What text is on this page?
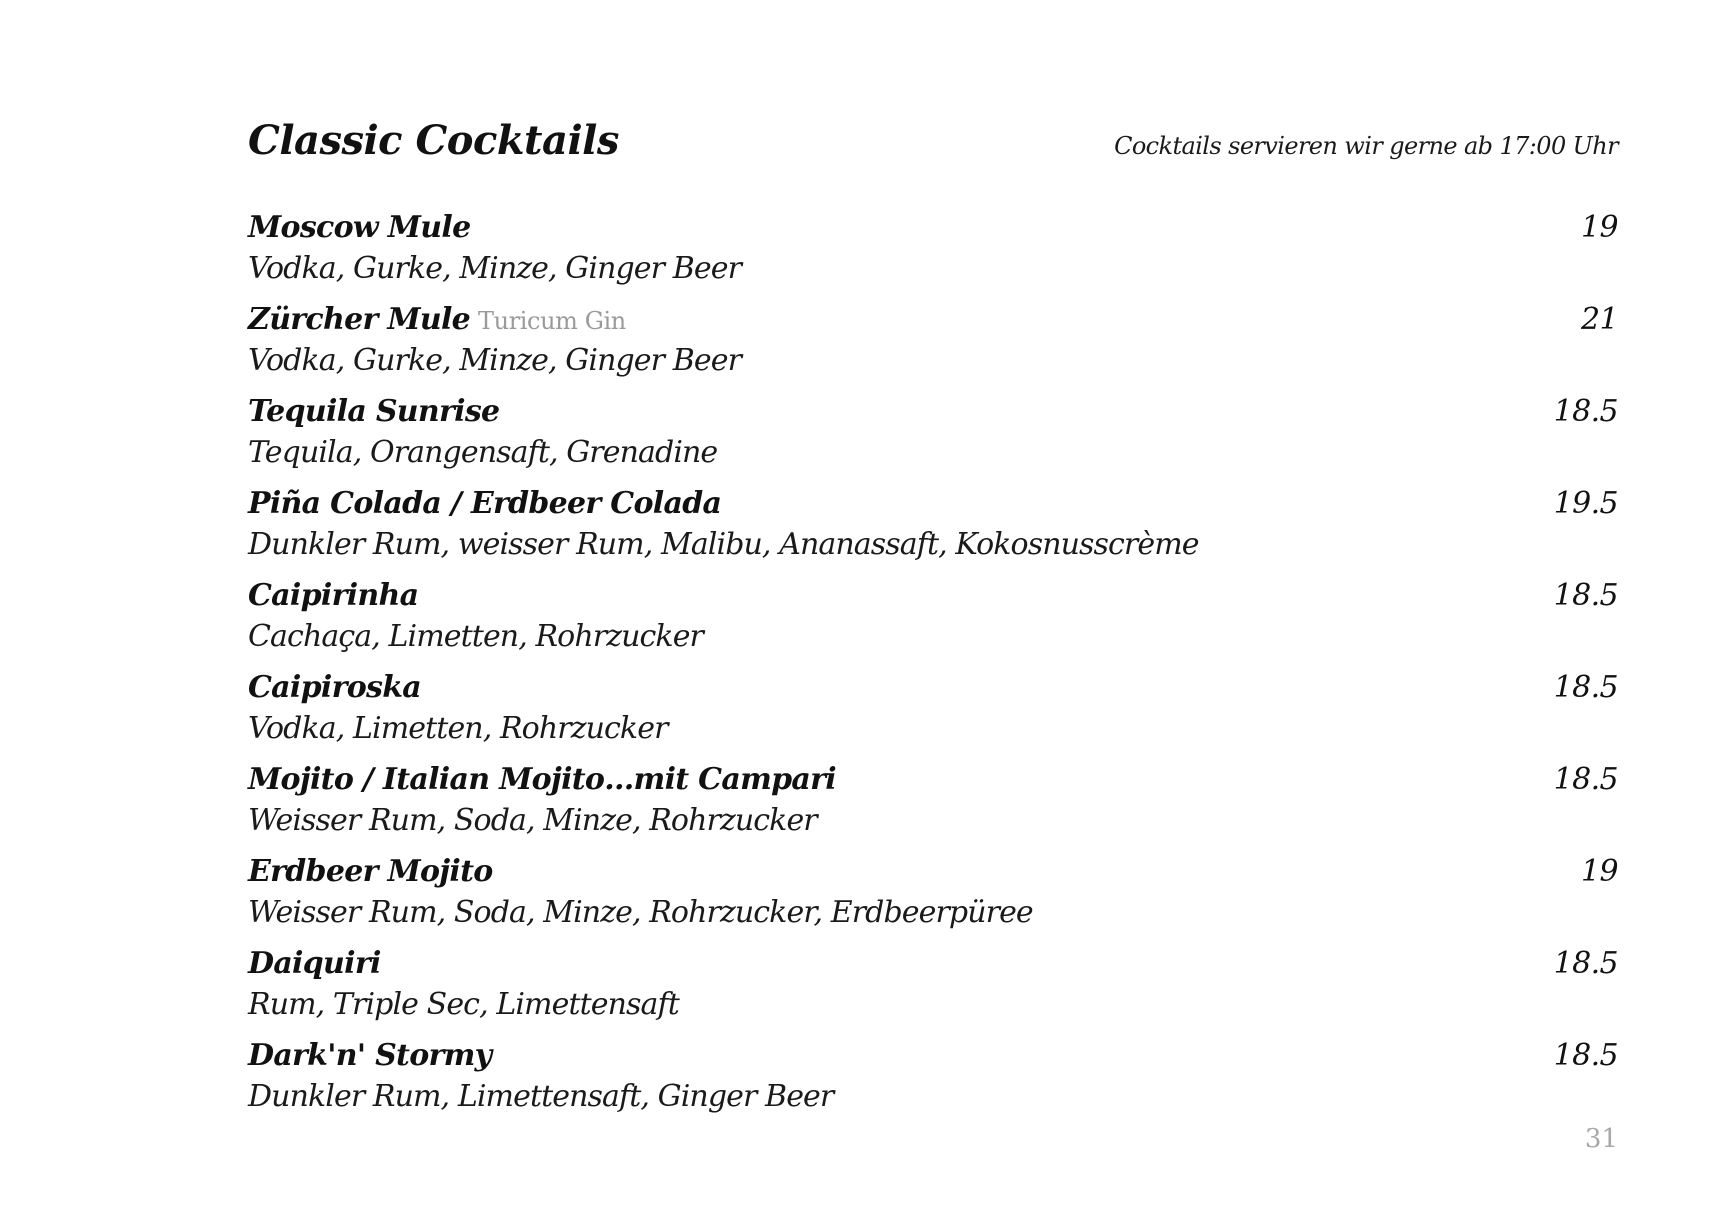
Classic Cocktails	Cocktails servieren wir gerne ab 17:00 Uhr
Moscow Mule	19
Vodka, Gurke, Minze, Ginger Beer
Zürcher Mule Turicum Gin	21
Vodka, Gurke, Minze, Ginger Beer
Tequila Sunrise	18.5
Tequila, Orangensaft, Grenadine
Piña Colada / Erdbeer Colada	19.5
Dunkler Rum, weisser Rum, Malibu, Ananassaft, Kokosnusscrème
Caipirinha	18.5
Cachaça, Limetten, Rohrzucker
Caipiroska	18.5
Vodka, Limetten, Rohrzucker
Mojito / Italian Mojito…mit Campari	18.5
Weisser Rum, Soda, Minze, Rohrzucker
Erdbeer Mojito	19
Weisser Rum, Soda, Minze, Rohrzucker, Erdbeerpüree
Daiquiri	18.5
Rum, Triple Sec, Limettensaft
Dark'n' Stormy	18.5
Dunkler Rum, Limettensaft, Ginger Beer
31
